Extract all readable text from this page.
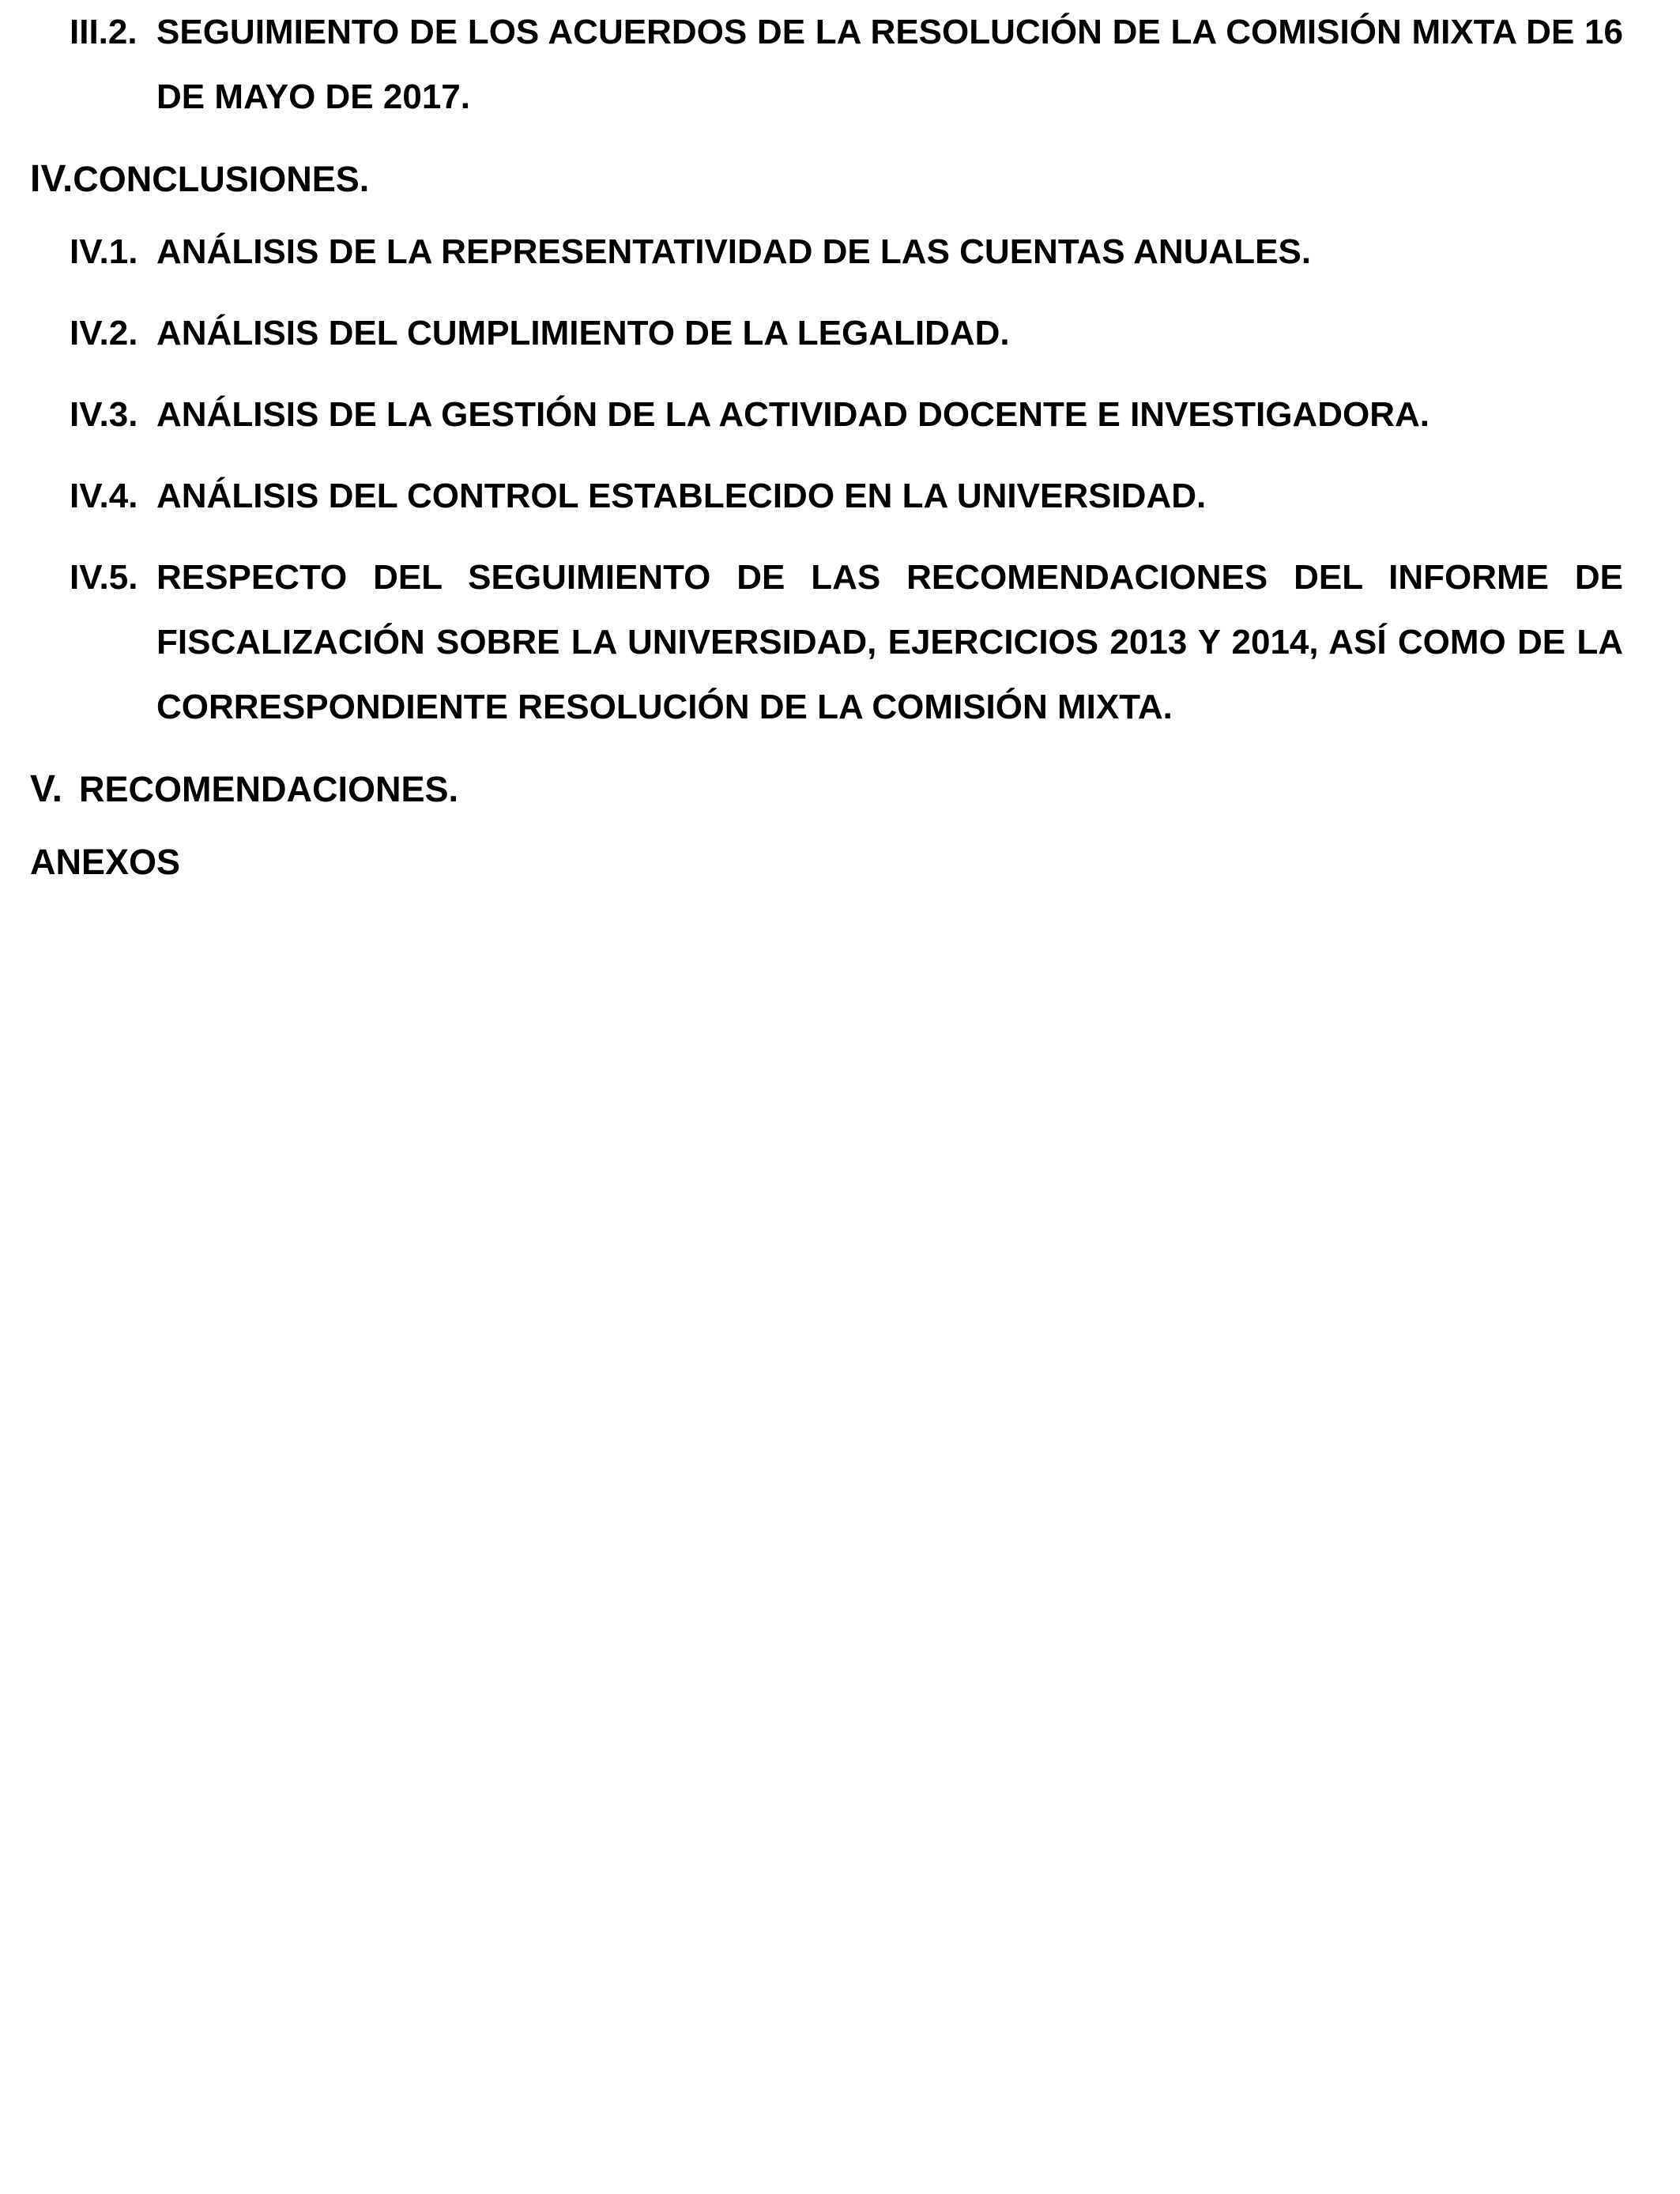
III.2. SEGUIMIENTO DE LOS ACUERDOS DE LA RESOLUCIÓN DE LA COMISIÓN MIXTA DE 16 DE MAYO DE 2017.
IV.CONCLUSIONES.
IV.1. ANÁLISIS DE LA REPRESENTATIVIDAD DE LAS CUENTAS ANUALES.
IV.2. ANÁLISIS DEL CUMPLIMIENTO DE LA LEGALIDAD.
IV.3. ANÁLISIS DE LA GESTIÓN DE LA ACTIVIDAD DOCENTE E INVESTIGADORA.
IV.4. ANÁLISIS DEL CONTROL ESTABLECIDO EN LA UNIVERSIDAD.
IV.5. RESPECTO DEL SEGUIMIENTO DE LAS RECOMENDACIONES DEL INFORME DE FISCALIZACIÓN SOBRE LA UNIVERSIDAD, EJERCICIOS 2013 Y 2014, ASÍ COMO DE LA CORRESPONDIENTE RESOLUCIÓN DE LA COMISIÓN MIXTA.
V. RECOMENDACIONES.
ANEXOS
